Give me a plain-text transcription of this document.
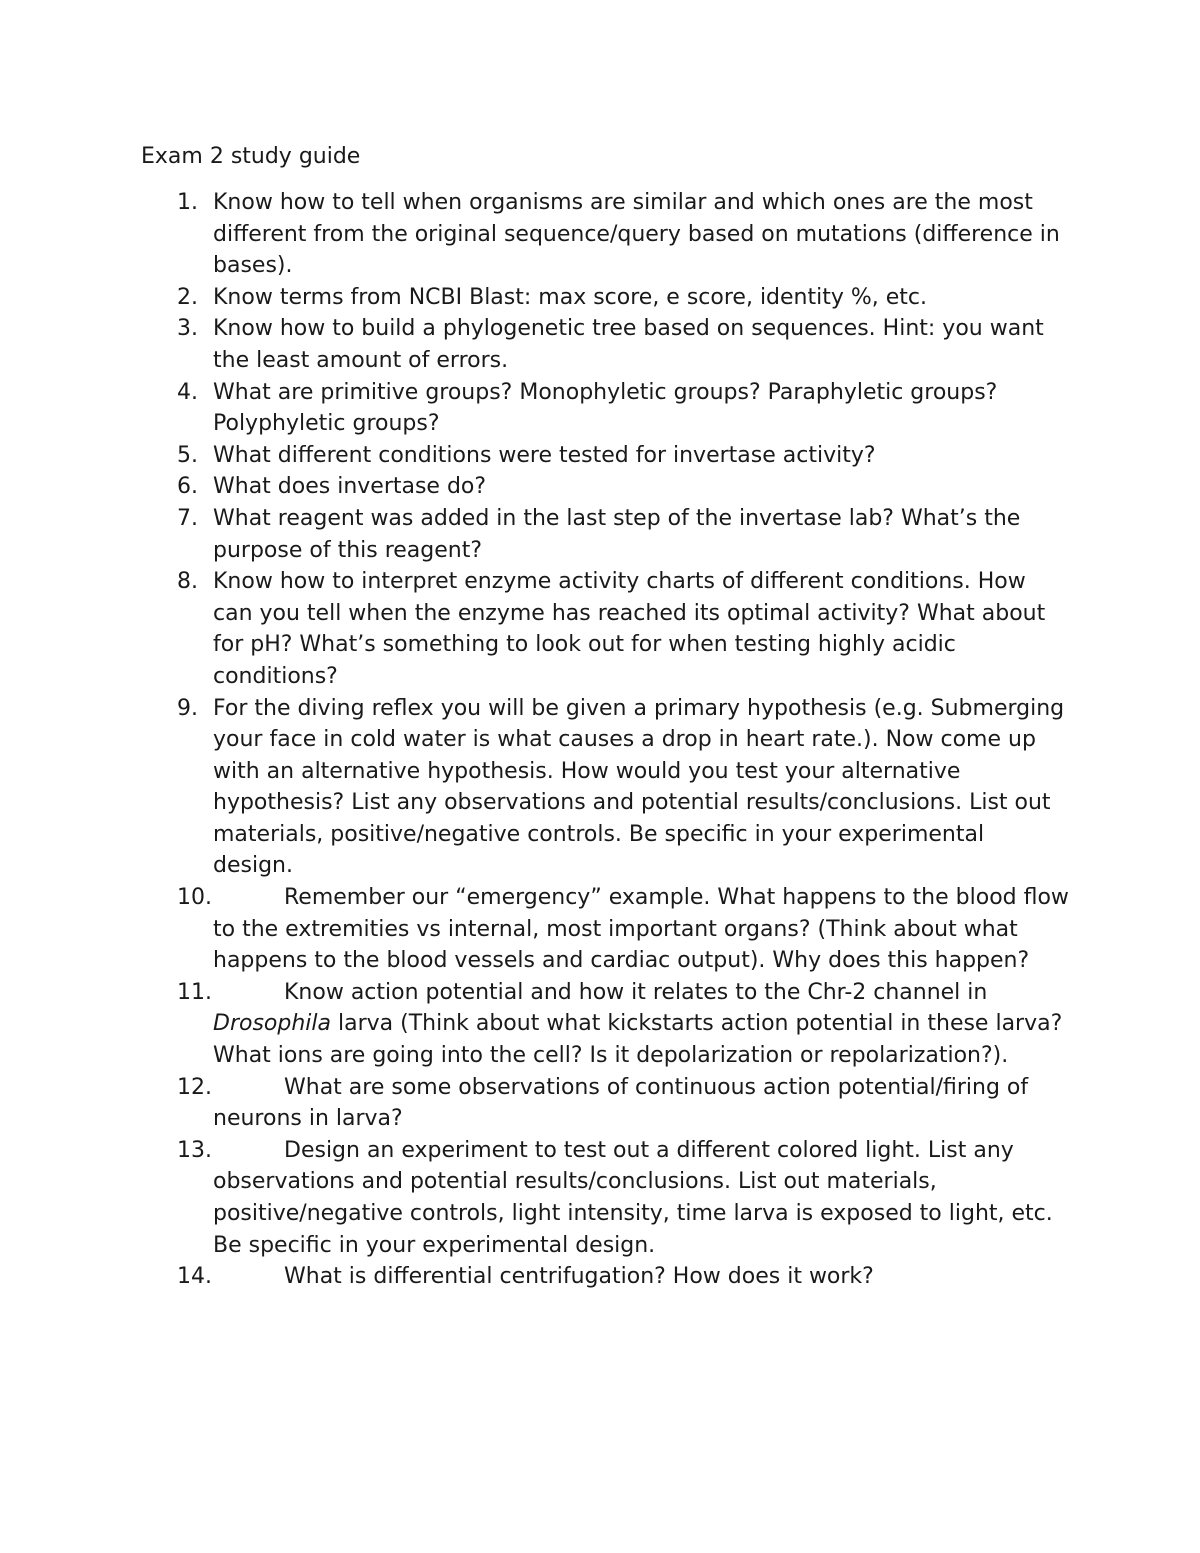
Exam 2 study guide
1. Know how to tell when organisms are similar and which ones are the most different from the original sequence/query based on mutations (difference in bases).
2. Know terms from NCBI Blast: max score, e score, identity %, etc.
3. Know how to build a phylogenetic tree based on sequences. Hint: you want the least amount of errors.
4. What are primitive groups? Monophyletic groups? Paraphyletic groups? Polyphyletic groups?
5. What different conditions were tested for invertase activity?
6. What does invertase do?
7. What reagent was added in the last step of the invertase lab? What’s the purpose of this reagent?
8. Know how to interpret enzyme activity charts of different conditions. How can you tell when the enzyme has reached its optimal activity? What about for pH? What’s something to look out for when testing highly acidic conditions?
9. For the diving reflex you will be given a primary hypothesis (e.g. Submerging your face in cold water is what causes a drop in heart rate.). Now come up with an alternative hypothesis. How would you test your alternative hypothesis? List any observations and potential results/conclusions. List out materials, positive/negative controls. Be specific in your experimental design.
10.	Remember our “emergency” example. What happens to the blood flow to the extremities vs internal, most important organs? (Think about what happens to the blood vessels and cardiac output). Why does this happen?
11.	Know action potential and how it relates to the Chr-2 channel in Drosophila larva (Think about what kickstarts action potential in these larva? What ions are going into the cell? Is it depolarization or repolarization?).
12.	What are some observations of continuous action potential/firing of neurons in larva?
13.	Design an experiment to test out a different colored light. List any observations and potential results/conclusions. List out materials, positive/negative controls, light intensity, time larva is exposed to light, etc. Be specific in your experimental design.
14.	What is differential centrifugation? How does it work?
